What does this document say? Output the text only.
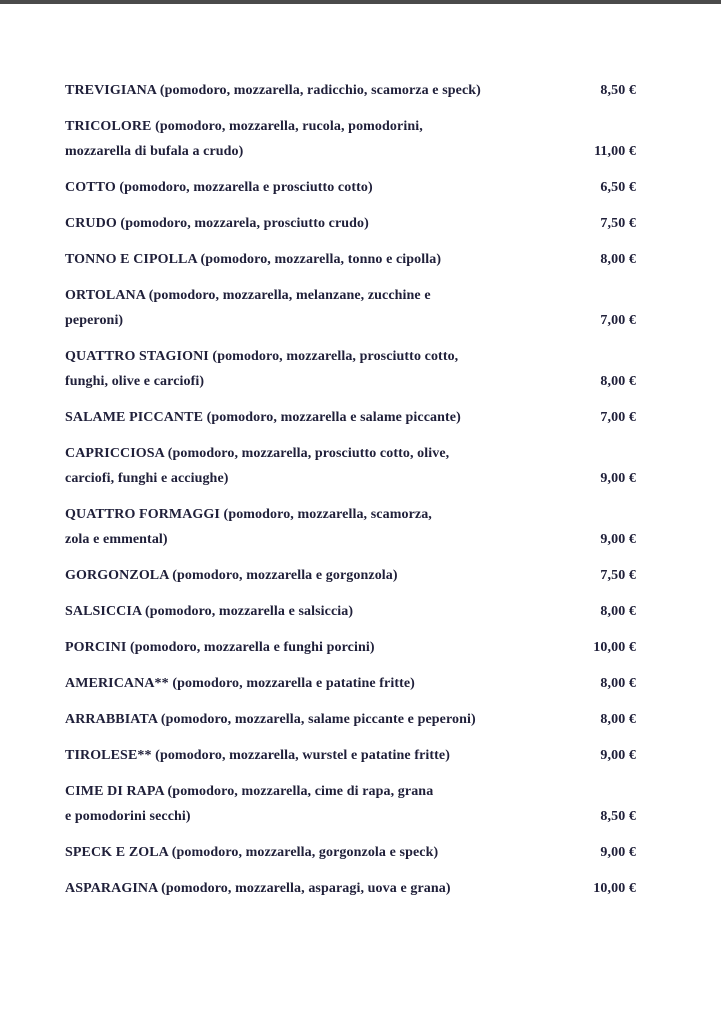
TREVIGIANA (pomodoro, mozzarella, radicchio, scamorza e speck)	8,50 €
TRICOLORE (pomodoro, mozzarella, rucola, pomodorini,
mozzarella di bufala a crudo)	11,00 €
COTTO (pomodoro, mozzarella e prosciutto cotto)	6,50 €
CRUDO (pomodoro, mozzarela, prosciutto crudo)	7,50 €
TONNO E CIPOLLA (pomodoro, mozzarella, tonno e cipolla)	8,00 €
ORTOLANA (pomodoro, mozzarella, melanzane, zucchine e
peperoni)	7,00 €
QUATTRO STAGIONI (pomodoro, mozzarella, prosciutto cotto,
funghi, olive e carciofi)	8,00 €
SALAME PICCANTE (pomodoro, mozzarella e salame piccante)	7,00 €
CAPRICCIOSA (pomodoro, mozzarella, prosciutto cotto, olive,
carciofi, funghi e acciughe)	9,00 €
QUATTRO FORMAGGI (pomodoro, mozzarella, scamorza,
zola e emmental)	9,00 €
GORGONZOLA (pomodoro, mozzarella e gorgonzola)	7,50 €
SALSICCIA (pomodoro, mozzarella e salsiccia)	8,00 €
PORCINI (pomodoro, mozzarella e funghi porcini)	10,00 €
AMERICANA** (pomodoro, mozzarella e patatine fritte)	8,00 €
ARRABBIATA (pomodoro, mozzarella, salame piccante e peperoni)	8,00 €
TIROLESE** (pomodoro, mozzarella, wurstel e patatine fritte)	9,00 €
CIME DI RAPA (pomodoro, mozzarella, cime di rapa, grana
e pomodorini secchi)	8,50 €
SPECK E ZOLA (pomodoro, mozzarella, gorgonzola e speck)	9,00 €
ASPARAGINA (pomodoro, mozzarella, asparagi, uova e grana)	10,00 €
